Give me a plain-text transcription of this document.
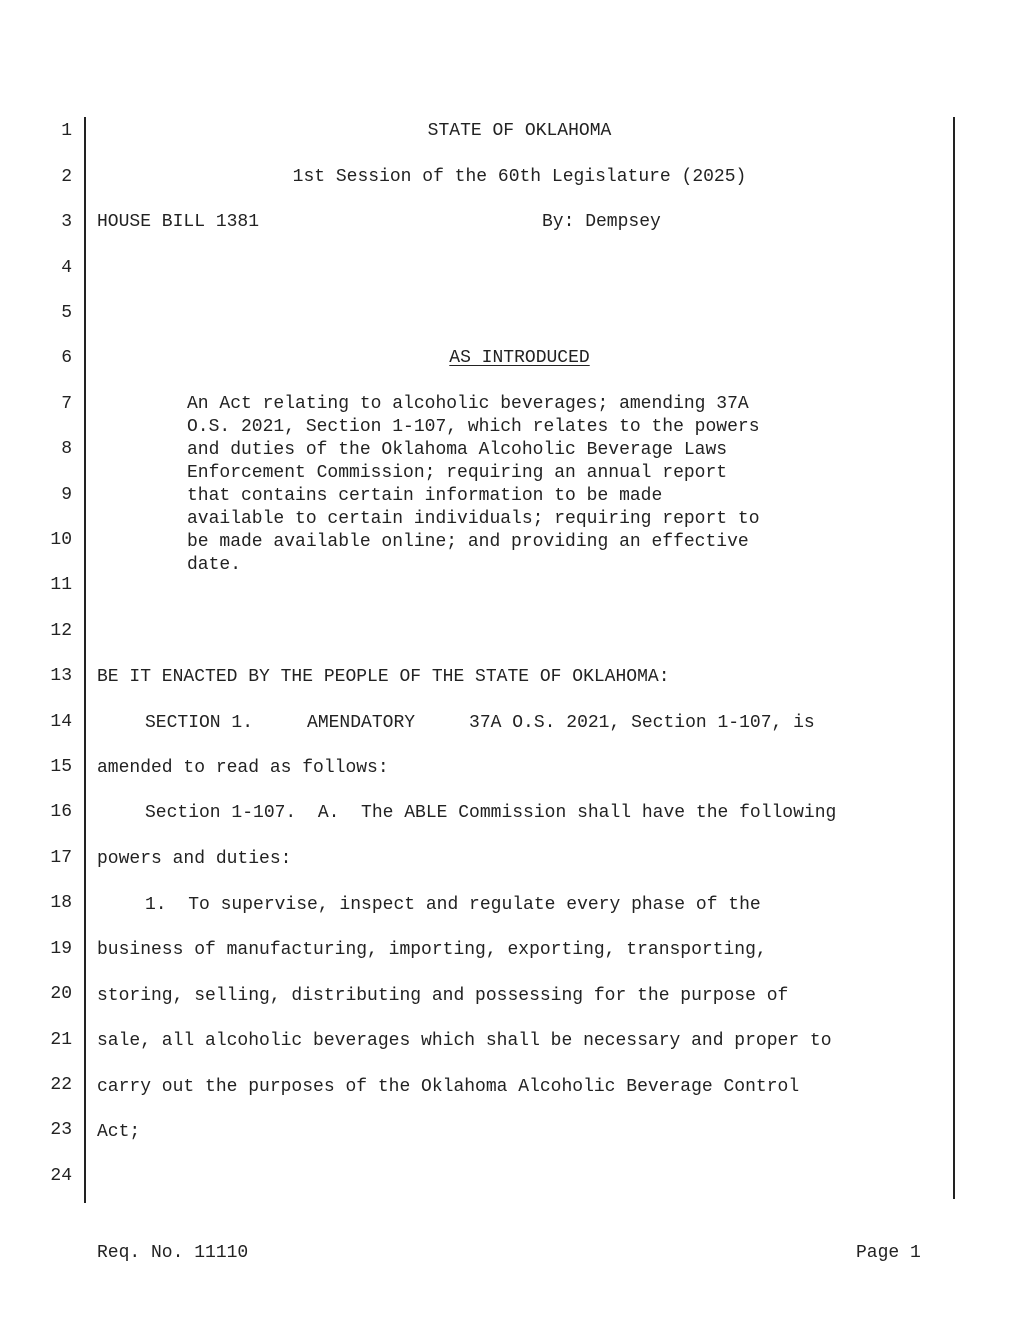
1
2
3
4
5
6
7
8
9
10
11
12
13
14
15
16
17
18
19
20
21
22
23
24
STATE OF OKLAHOMA
1st Session of the 60th Legislature (2025)
HOUSE BILL 1381	By: Dempsey
AS INTRODUCED
An Act relating to alcoholic beverages; amending 37A
O.S. 2021, Section 1-107, which relates to the powers
and duties of the Oklahoma Alcoholic Beverage Laws
Enforcement Commission; requiring an annual report
that contains certain information to be made
available to certain individuals; requiring report to
be made available online; and providing an effective
date.
BE IT ENACTED BY THE PEOPLE OF THE STATE OF OKLAHOMA:
SECTION 1.     AMENDATORY     37A O.S. 2021, Section 1-107, is
amended to read as follows:
Section 1-107.  A.  The ABLE Commission shall have the following
powers and duties:
1.  To supervise, inspect and regulate every phase of the
business of manufacturing, importing, exporting, transporting,
storing, selling, distributing and possessing for the purpose of
sale, all alcoholic beverages which shall be necessary and proper to
carry out the purposes of the Oklahoma Alcoholic Beverage Control
Act;
Req. No. 11110	Page 1
